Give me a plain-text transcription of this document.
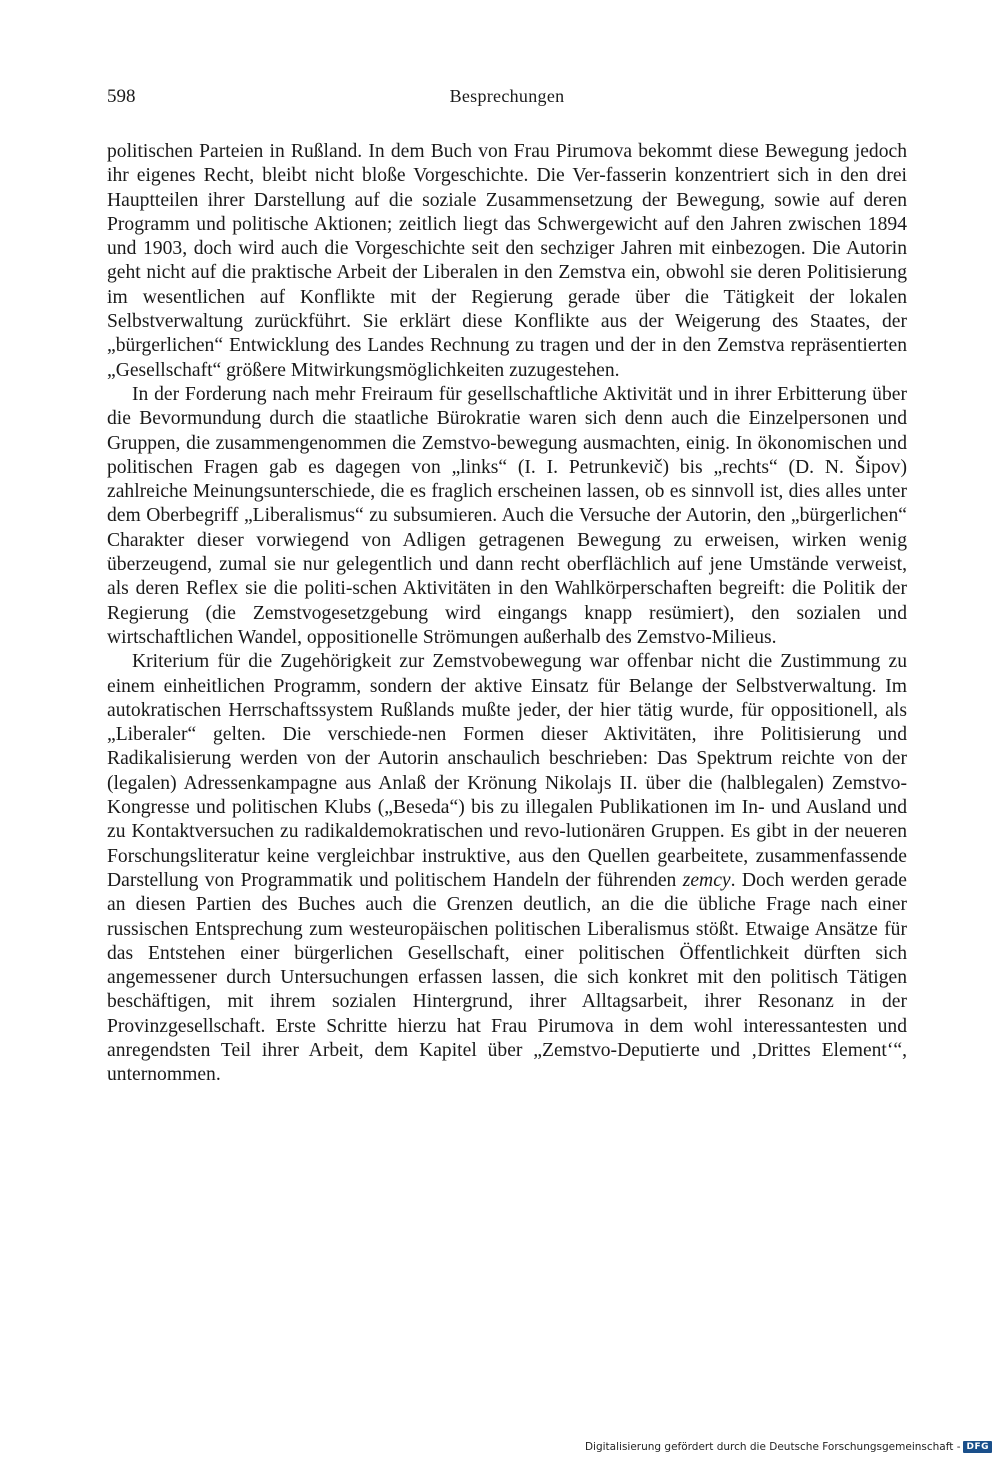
598	Besprechungen

politischen Parteien in Rußland. In dem Buch von Frau Pirumova bekommt diese Bewegung jedoch ihr eigenes Recht, bleibt nicht bloße Vorgeschichte. Die Ver-fasserin konzentriert sich in den drei Hauptteilen ihrer Darstellung auf die soziale Zusammensetzung der Bewegung, sowie auf deren Programm und politische Aktionen; zeitlich liegt das Schwergewicht auf den Jahren zwischen 1894 und 1903, doch wird auch die Vorgeschichte seit den sechziger Jahren mit einbezogen. Die Autorin geht nicht auf die praktische Arbeit der Liberalen in den Zemstva ein, obwohl sie deren Politisierung im wesentlichen auf Konflikte mit der Regierung gerade über die Tätigkeit der lokalen Selbstverwaltung zurückführt. Sie erklärt diese Konflikte aus der Weigerung des Staates, der „bürgerlichen“ Entwicklung des Landes Rechnung zu tragen und der in den Zemstva repräsentierten „Gesellschaft“ größere Mitwirkungsmöglichkeiten zuzugestehen.

In der Forderung nach mehr Freiraum für gesellschaftliche Aktivität und in ihrer Erbitterung über die Bevormundung durch die staatliche Bürokratie waren sich denn auch die Einzelpersonen und Gruppen, die zusammengenommen die Zemstvo-bewegung ausmachten, einig. In ökonomischen und politischen Fragen gab es dagegen von „links“ (I. I. Petrunkevič) bis „rechts“ (D. N. Šipov) zahlreiche Meinungsunterschiede, die es fraglich erscheinen lassen, ob es sinnvoll ist, dies alles unter dem Oberbegriff „Liberalismus“ zu subsumieren. Auch die Versuche der Autorin, den „bürgerlichen“ Charakter dieser vorwiegend von Adligen getragenen Bewegung zu erweisen, wirken wenig überzeugend, zumal sie nur gelegentlich und dann recht oberflächlich auf jene Umstände verweist, als deren Reflex sie die politi-schen Aktivitäten in den Wahlkörperschaften begreift: die Politik der Regierung (die Zemstvogesetzgebung wird eingangs knapp resümiert), den sozialen und wirtschaftlichen Wandel, oppositionelle Strömungen außerhalb des Zemstvo-Milieus.

Kriterium für die Zugehörigkeit zur Zemstvobewegung war offenbar nicht die Zustimmung zu einem einheitlichen Programm, sondern der aktive Einsatz für Belange der Selbstverwaltung. Im autokratischen Herrschaftssystem Rußlands mußte jeder, der hier tätig wurde, für oppositionell, als „Liberaler“ gelten. Die verschiede-nen Formen dieser Aktivitäten, ihre Politisierung und Radikalisierung werden von der Autorin anschaulich beschrieben: Das Spektrum reichte von der (legalen) Adressenkampagne aus Anlaß der Krönung Nikolajs II. über die (halblegalen) Zemstvo-Kongresse und politischen Klubs („Beseda“) bis zu illegalen Publikationen im In- und Ausland und zu Kontaktversuchen zu radikaldemokratischen und revo-lutionären Gruppen. Es gibt in der neueren Forschungsliteratur keine vergleichbar instruktive, aus den Quellen gearbeitete, zusammenfassende Darstellung von Programmatik und politischem Handeln der führenden zemcy. Doch werden gerade an diesen Partien des Buches auch die Grenzen deutlich, an die die übliche Frage nach einer russischen Entsprechung zum westeuropäischen politischen Liberalismus stößt. Etwaige Ansätze für das Entstehen einer bürgerlichen Gesellschaft, einer politischen Öffentlichkeit dürften sich angemessener durch Untersuchungen erfassen lassen, die sich konkret mit den politisch Tätigen beschäftigen, mit ihrem sozialen Hintergrund, ihrer Alltagsarbeit, ihrer Resonanz in der Provinzgesellschaft. Erste Schritte hierzu hat Frau Pirumova in dem wohl interessantesten und anregendsten Teil ihrer Arbeit, dem Kapitel über „Zemstvo-Deputierte und ‚Drittes Element‘“, unternommen.

Digitalisierung gefördert durch die Deutsche Forschungsgemeinschaft - DFG
